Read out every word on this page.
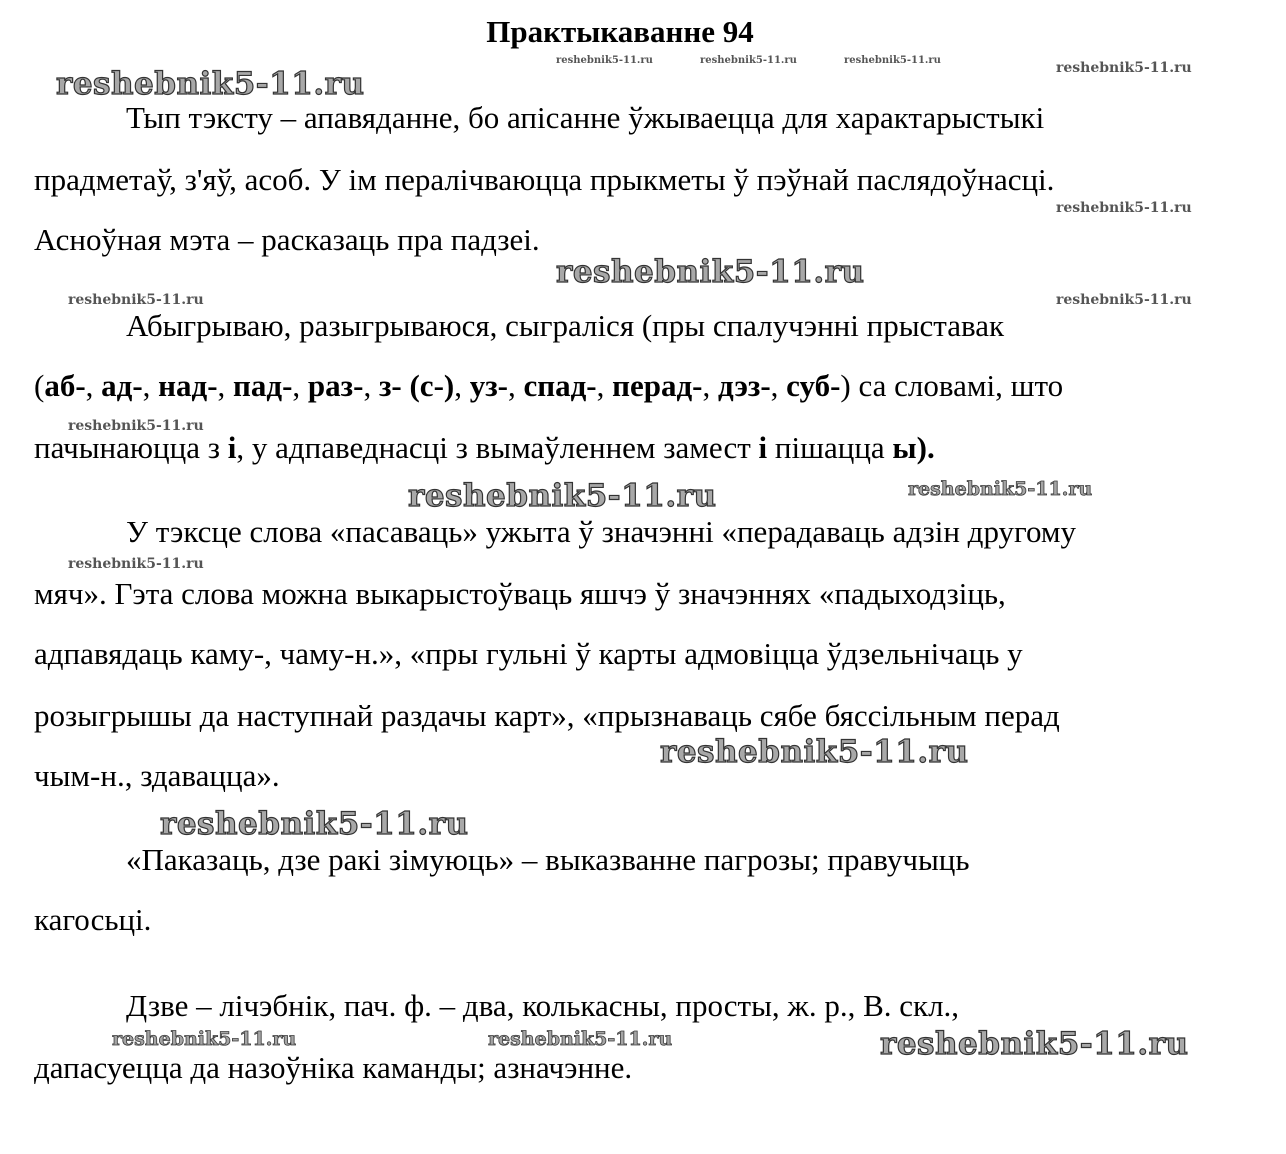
Практыкаванне 94

Тып тэксту – апавяданне, бо апісанне ўжываецца для характарыстыкі

прадметаў, з'яў, асоб. У ім пералічваюцца прыкметы ў пэўнай паслядоўнасці.

Асноўная мэта – расказаць пра падзеі.

Абыгрываю, разыгрываюся, сыграліся (пры спалучэнні прыставак

(аб-, ад-, над-, пад-, раз-, з- (с-), уз-, спад-, перад-, дэз-, суб-) са словамі, што

пачынаюцца з і, у адпаведнасці з вымаўленнем замест і пішацца ы).

У тэксце слова «пасаваць» ужыта ў значэнні «перадаваць адзін другому

мяч». Гэта слова можна выкарыстоўваць яшчэ ў значэннях «падыходзіць,

адпавядаць каму-, чаму-н.», «пры гульні ў карты адмовіцца ўдзельнічаць у

розыгрышы да наступнай раздачы карт», «прызнаваць сябе бяссільным перад

чым-н., здавацца».

«Паказаць, дзе ракі зімуюць» – выказванне пагрозы; правучыць

кагосьці.

Дзве – лічэбнік, пач. ф. – два, колькасны, просты, ж. р., В. скл.,

дапасуецца да назоўніка каманды; азначэнне.

reshebnik5-11.ru
reshebnik5-11.ru	reshebnik5-11.ru	reshebnik5-11.ru	reshebnik5-11.ru
reshebnik5-11.ru
reshebnik5-11.ru
reshebnik5-11.ru	reshebnik5-11.ru
reshebnik5-11.ru
reshebnik5-11.ru	reshebnik5-11.ru
reshebnik5-11.ru
reshebnik5-11.ru
reshebnik5-11.ru
reshebnik5-11.ru	reshebnik5-11.ru	reshebnik5-11.ru
